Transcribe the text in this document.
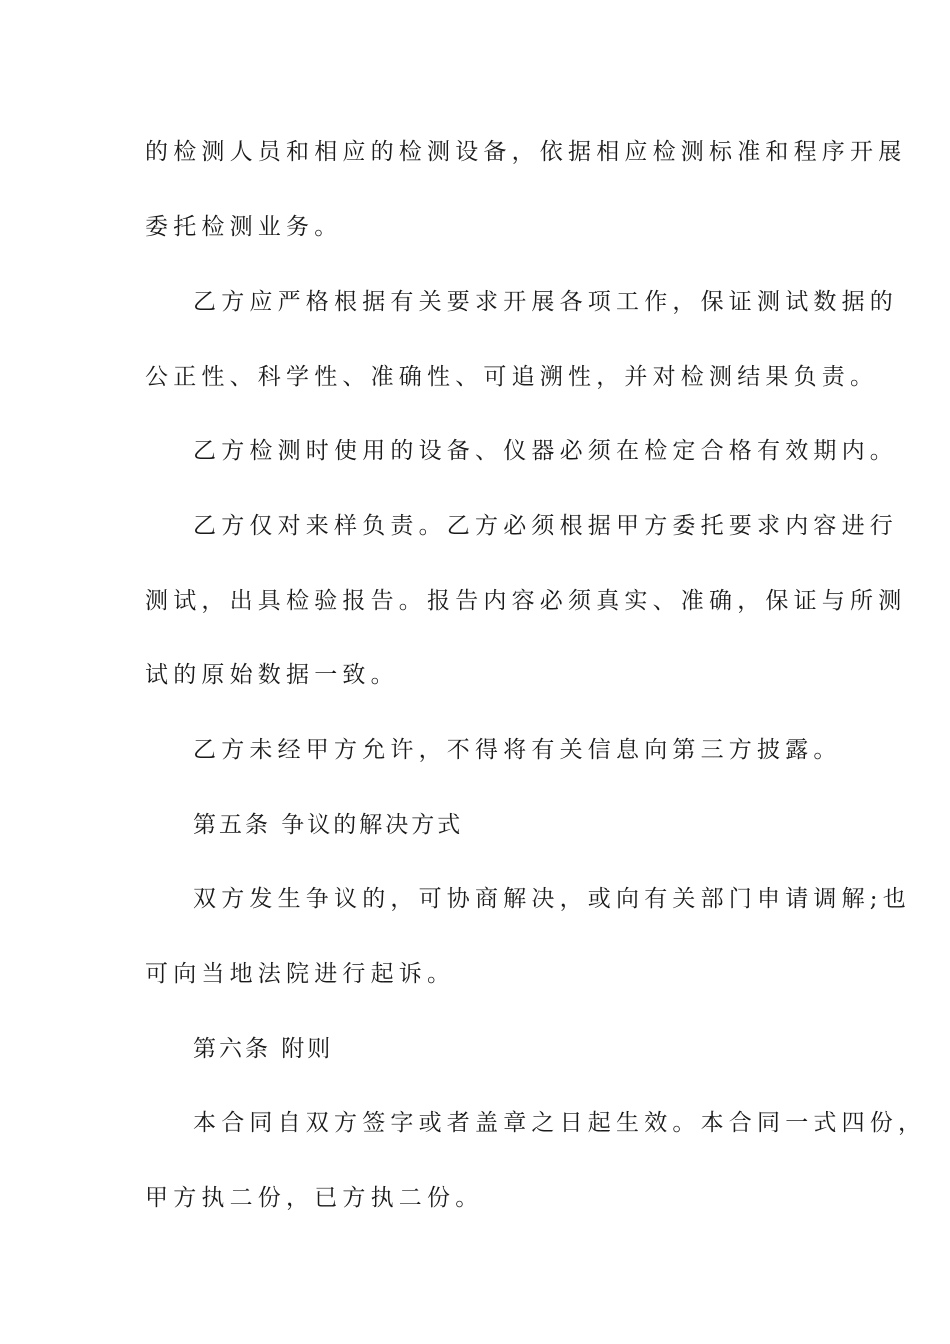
的检测人员和相应的检测设备，依据相应检测标准和程序开展
委托检测业务。
乙方应严格根据有关要求开展各项工作，保证测试数据的
公正性、科学性、准确性、可追溯性，并对检测结果负责。
乙方检测时使用的设备、仪器必须在检定合格有效期内。
乙方仅对来样负责。乙方必须根据甲方委托要求内容进行
测试，出具检验报告。报告内容必须真实、准确，保证与所测
试的原始数据一致。
乙方未经甲方允许，不得将有关信息向第三方披露。
第五条 争议的解决方式
双方发生争议的，可协商解决，或向有关部门申请调解;也
可向当地法院进行起诉。
第六条 附则
本合同自双方签字或者盖章之日起生效。本合同一式四份，
甲方执二份，已方执二份。
